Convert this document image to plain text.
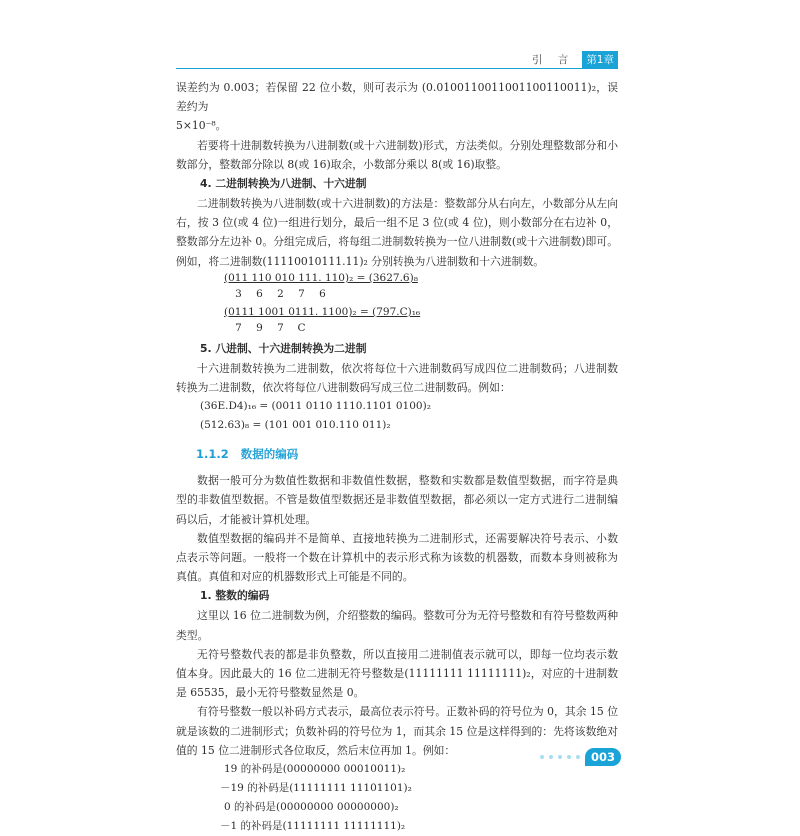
引 言	第1章

误差约为 0.003；若保留 22 位小数，则可表示为 (0.0100110011001100110011)₂，误差约为

5×10⁻⁸。

若要将十进制数转换为八进制数(或十六进制数)形式，方法类似。分别处理整数部分和小数部分，整数部分除以 8(或 16)取余，小数部分乘以 8(或 16)取整。

4. 二进制转换为八进制、十六进制

二进制数转换为八进制数(或十六进制数)的方法是：整数部分从右向左，小数部分从左向右，按 3 位(或 4 位)一组进行划分，最后一组不足 3 位(或 4 位)，则小数部分在右边补 0，整数部分左边补 0。分组完成后，将每组二进制数转换为一位八进制数(或十六进制数)即可。例如，将二进制数(11110010111.11)₂ 分别转换为八进制数和十六进制数。

(011 110 010 111. 110)₂ = (3627.6)₈
3	6	2	7	6
(0111 1001 0111. 1100)₂ = (797.C)₁₆
7	9	7	C
5. 八进制、十六进制转换为二进制

十六进制数转换为二进制数，依次将每位十六进制数码写成四位二进制数码；八进制数转换为二进制数，依次将每位八进制数码写成三位二进制数码。例如：

(36E.D4)₁₆ = (0011 0110 1110.1101 0100)₂
(512.63)₈ = (101 001 010.110 011)₂
1.1.2 数据的编码

数据一般可分为数值性数据和非数值性数据，整数和实数都是数值型数据，而字符是典型的非数值型数据。不管是数值型数据还是非数值型数据，都必须以一定方式进行二进制编码以后，才能被计算机处理。

数值型数据的编码并不是简单、直接地转换为二进制形式，还需要解决符号表示、小数点表示等问题。一般将一个数在计算机中的表示形式称为该数的机器数，而数本身则被称为真值。真值和对应的机器数形式上可能是不同的。

1. 整数的编码

这里以 16 位二进制数为例，介绍整数的编码。整数可分为无符号整数和有符号整数两种类型。

无符号整数代表的都是非负整数，所以直接用二进制值表示就可以，即每一位均表示数值本身。因此最大的 16 位二进制无符号整数是(11111111 11111111)₂，对应的十进制数是 65535，最小无符号整数显然是 0。

有符号整数一般以补码方式表示，最高位表示符号。正数补码的符号位为 0，其余 15 位就是该数的二进制形式；负数补码的符号位为 1，而其余 15 位是这样得到的：先将该数绝对值的 15 位二进制形式各位取反，然后末位再加 1。例如：

19 的补码是(00000000 00010011)₂
－19 的补码是(11111111 11101101)₂
0 的补码是(00000000 00000000)₂
－1 的补码是(11111111 11111111)₂
003
